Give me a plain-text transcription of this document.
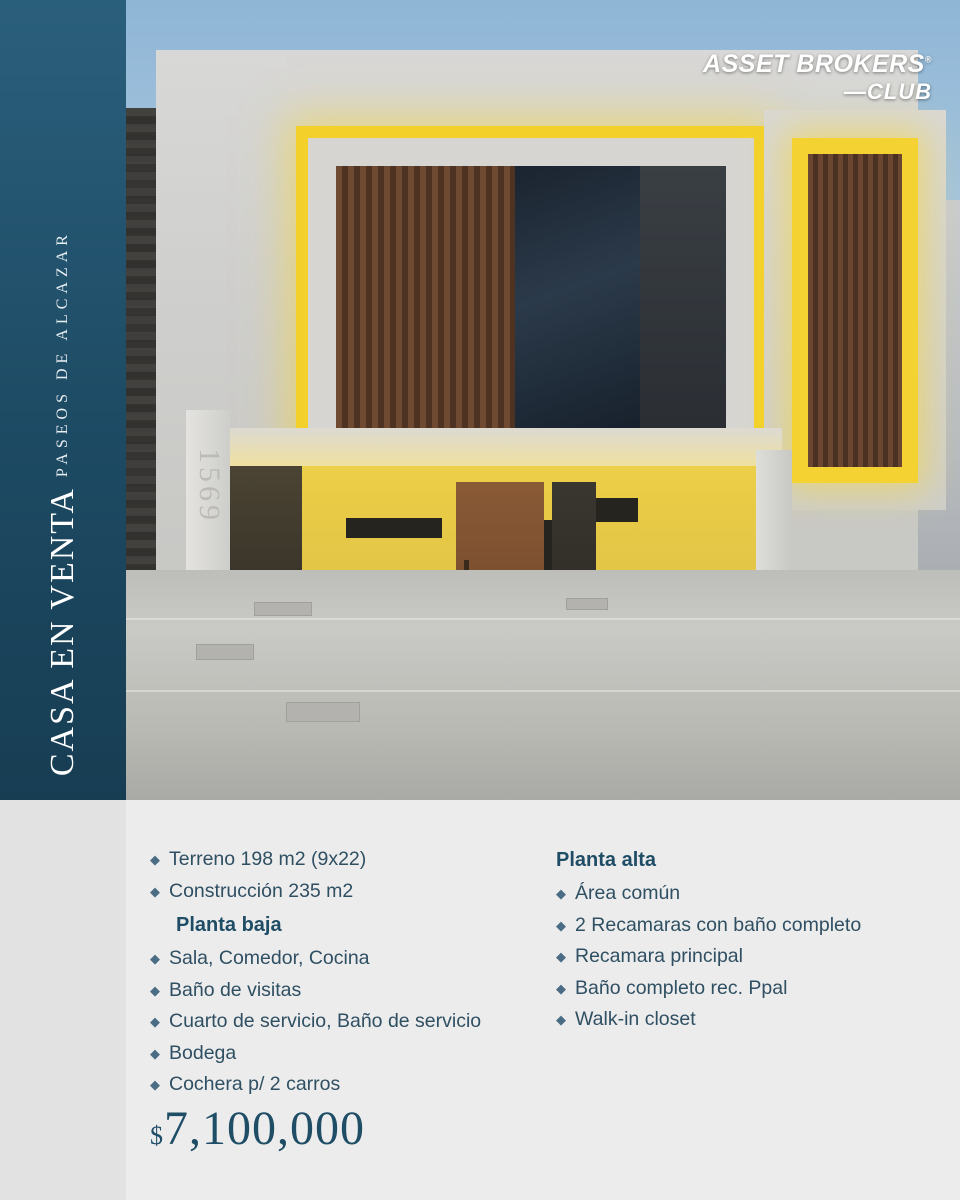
CASA EN VENTA
PASEOS DE ALCAZAR
1569
ASSET BROKERS®
—CLUB
◆ Terreno 198 m2 (9x22)
◆ Construcción 235 m2
Planta baja
◆ Sala, Comedor, Cocina
◆ Baño de visitas
◆ Cuarto de servicio, Baño de servicio
◆ Bodega
◆ Cochera p/ 2 carros
Planta alta
◆ Área común
◆ 2 Recamaras con baño completo
◆ Recamara principal
◆ Baño completo rec. Ppal
◆ Walk-in closet
$ 7,100,000
